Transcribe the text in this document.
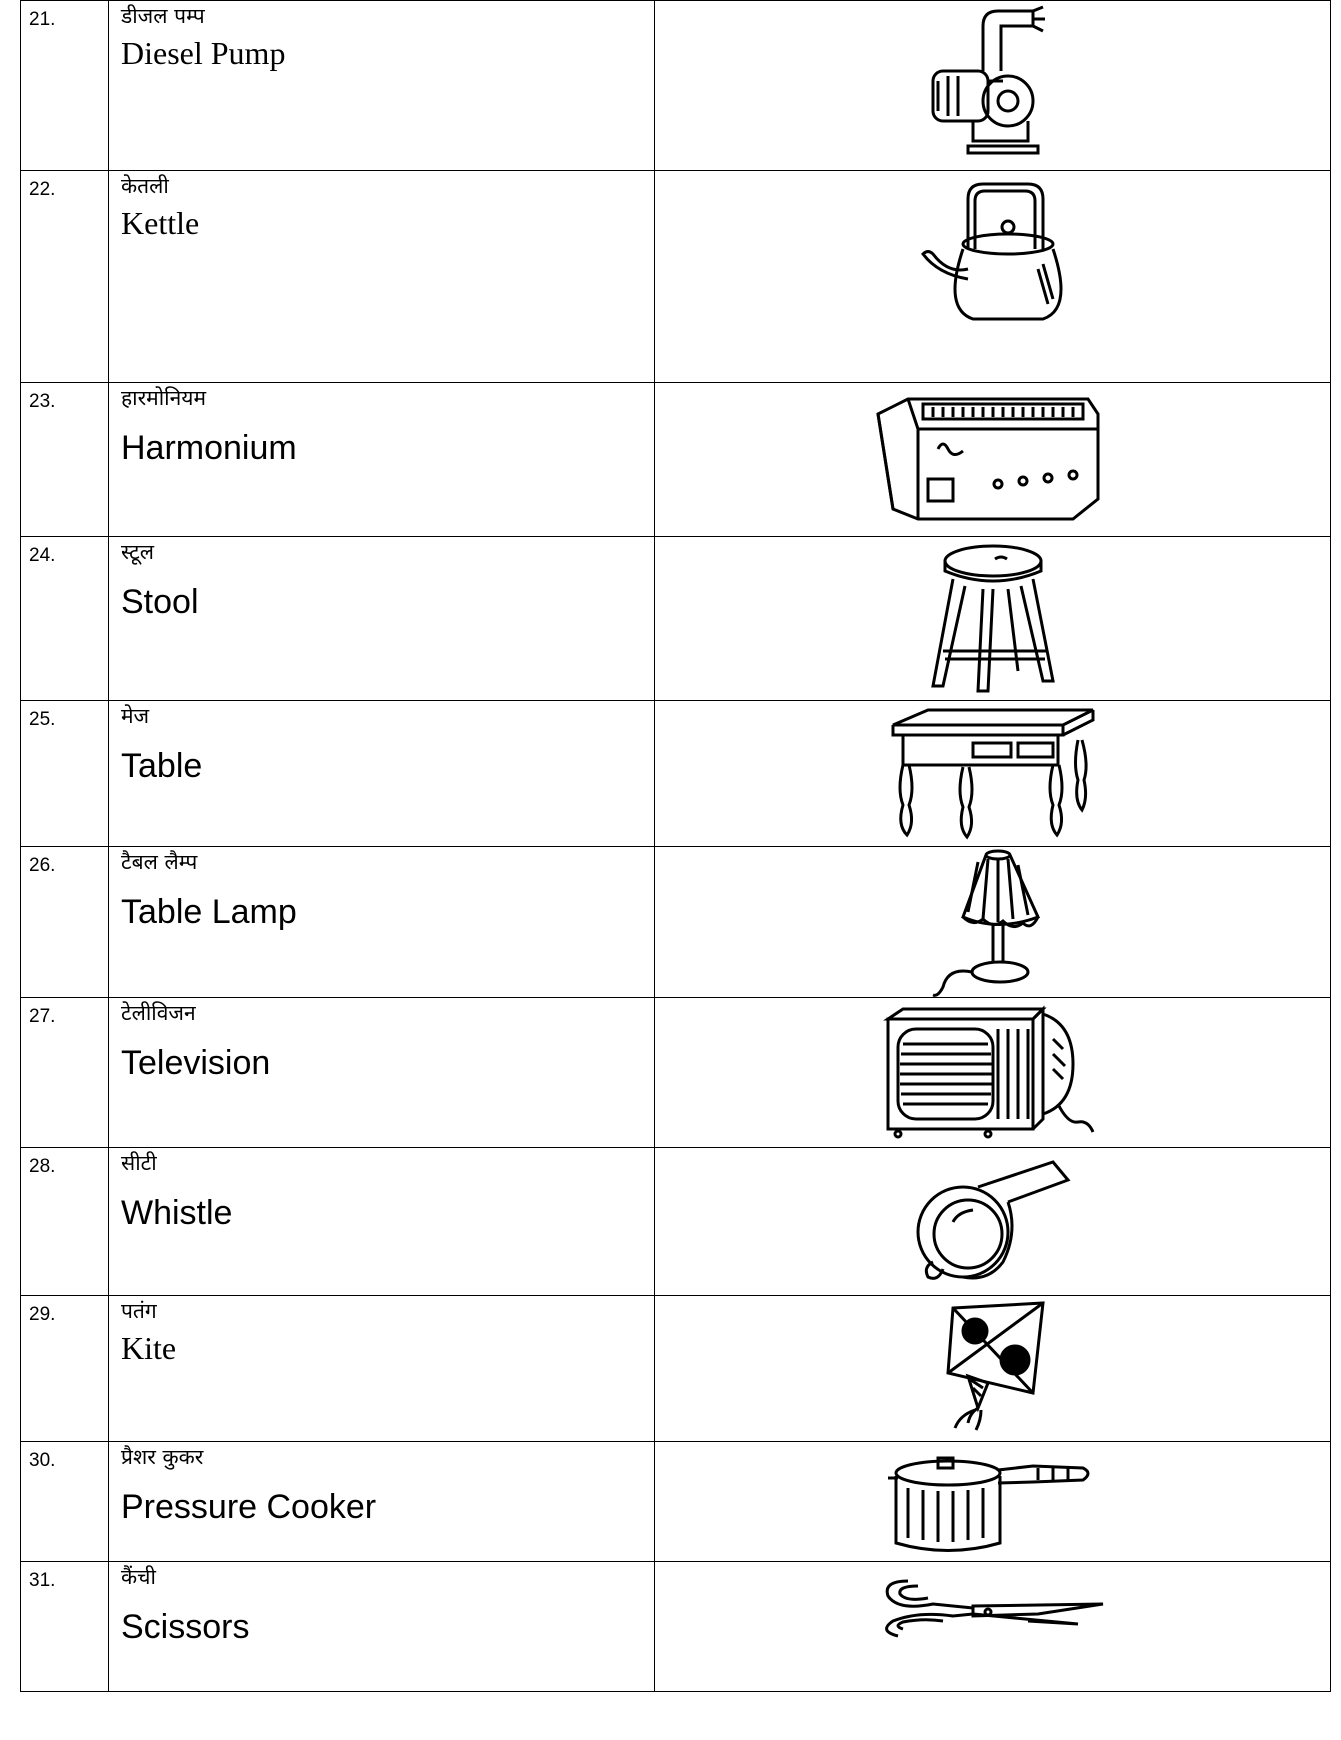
21.	डीजल पम्प
Diesel Pump

22.	केतली
Kettle

23.	हारमोनियम
Harmonium

24.	स्टूल
Stool

25.	मेज
Table

26.	टैबल लैम्प
Table Lamp

27.	टेलीविजन
Television

28.	सीटी
Whistle

29.	पतंग
Kite

30.	प्रैशर कुकर
Pressure Cooker

31.	कैंची
Scissors
